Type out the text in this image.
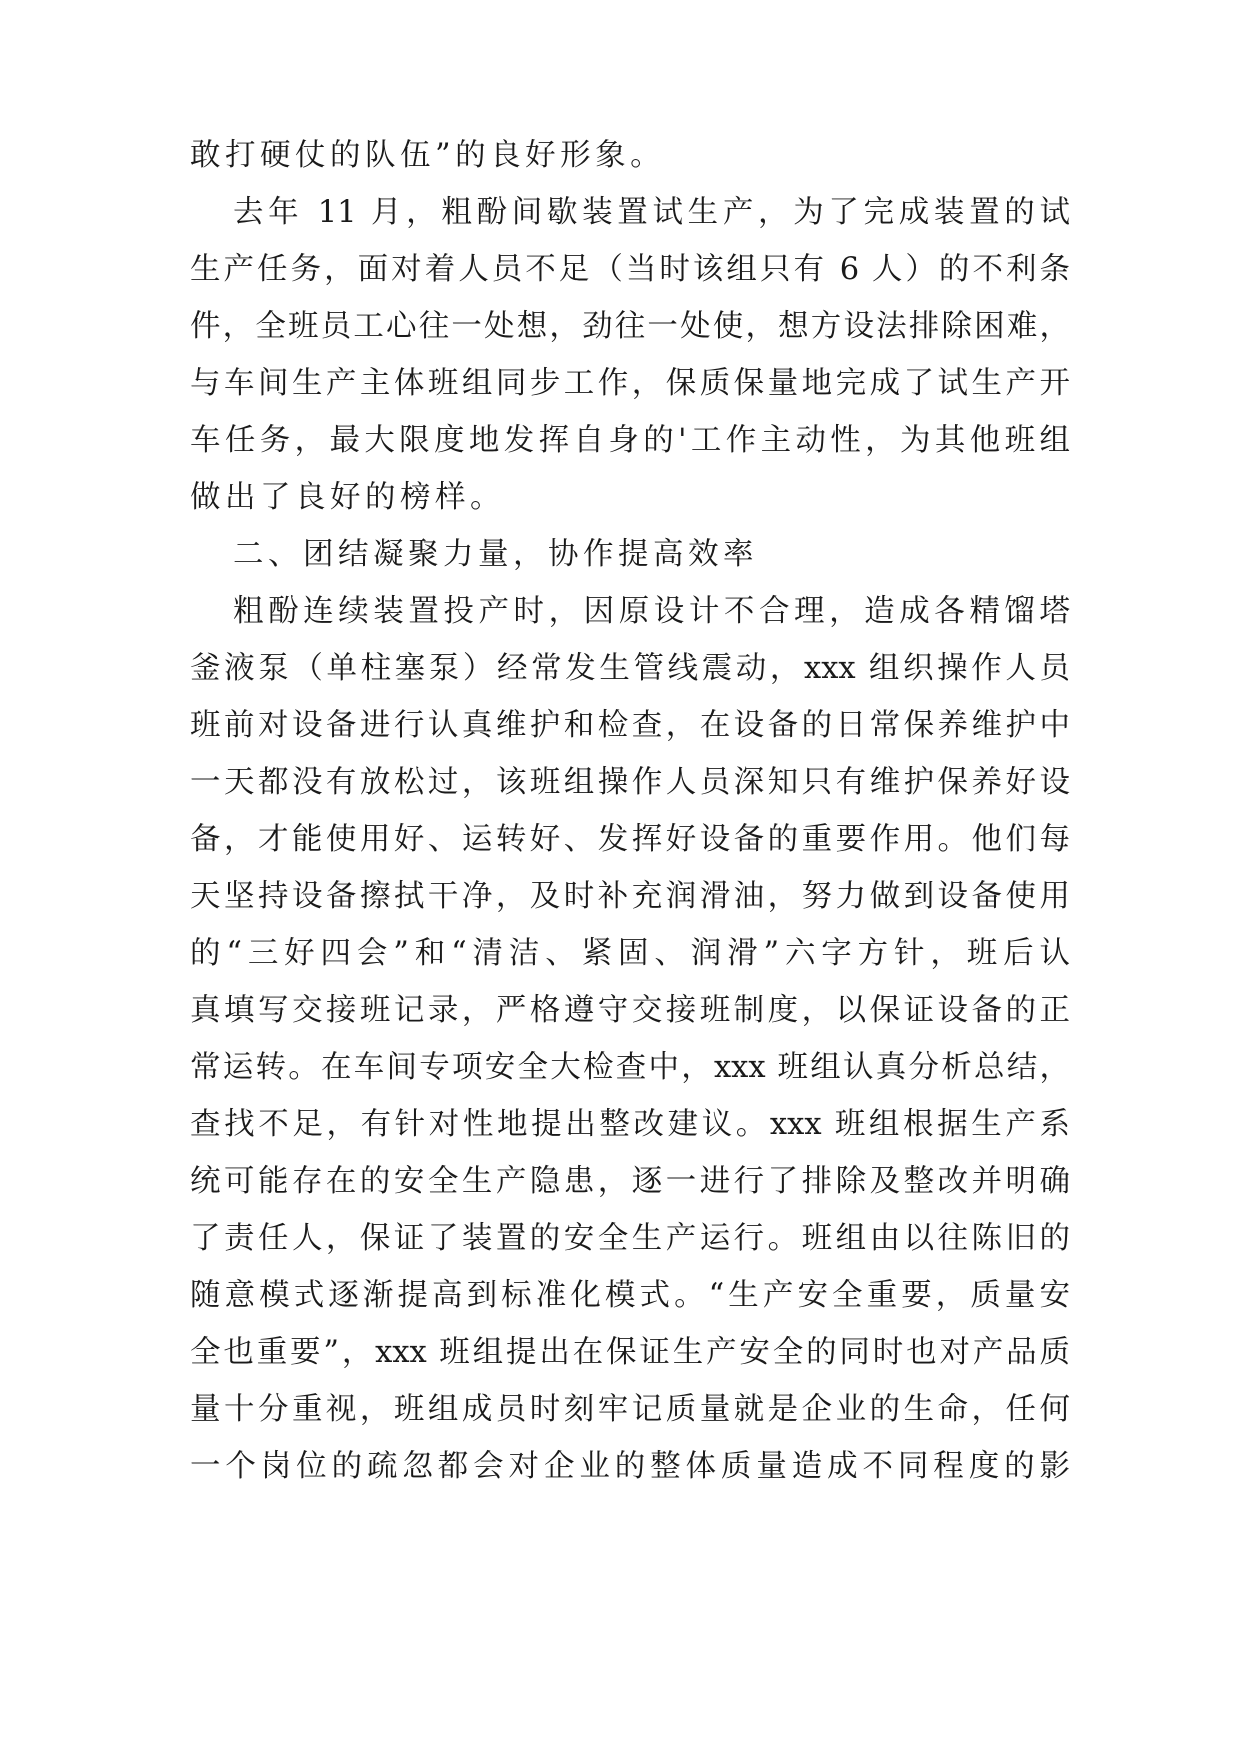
敢打硬仗的队伍”的良好形象。
去年 11 月，粗酚间歇装置试生产，为了完成装置的试
生产任务，面对着人员不足（当时该组只有 6 人）的不利条
件，全班员工心往一处想，劲往一处使，想方设法排除困难，
与车间生产主体班组同步工作，保质保量地完成了试生产开
车任务，最大限度地发挥自身的'工作主动性，为其他班组
做出了良好的榜样。
二、团结凝聚力量，协作提高效率
粗酚连续装置投产时，因原设计不合理，造成各精馏塔
釜液泵（单柱塞泵）经常发生管线震动，xxx 组织操作人员
班前对设备进行认真维护和检查，在设备的日常保养维护中
一天都没有放松过，该班组操作人员深知只有维护保养好设
备，才能使用好、运转好、发挥好设备的重要作用。他们每
天坚持设备擦拭干净，及时补充润滑油，努力做到设备使用
的“三好四会”和“清洁、紧固、润滑”六字方针，班后认
真填写交接班记录，严格遵守交接班制度，以保证设备的正
常运转。在车间专项安全大检查中，xxx 班组认真分析总结，
查找不足，有针对性地提出整改建议。xxx 班组根据生产系
统可能存在的安全生产隐患，逐一进行了排除及整改并明确
了责任人，保证了装置的安全生产运行。班组由以往陈旧的
随意模式逐渐提高到标准化模式。“生产安全重要，质量安
全也重要”，xxx 班组提出在保证生产安全的同时也对产品质
量十分重视，班组成员时刻牢记质量就是企业的生命，任何
一个岗位的疏忽都会对企业的整体质量造成不同程度的影
